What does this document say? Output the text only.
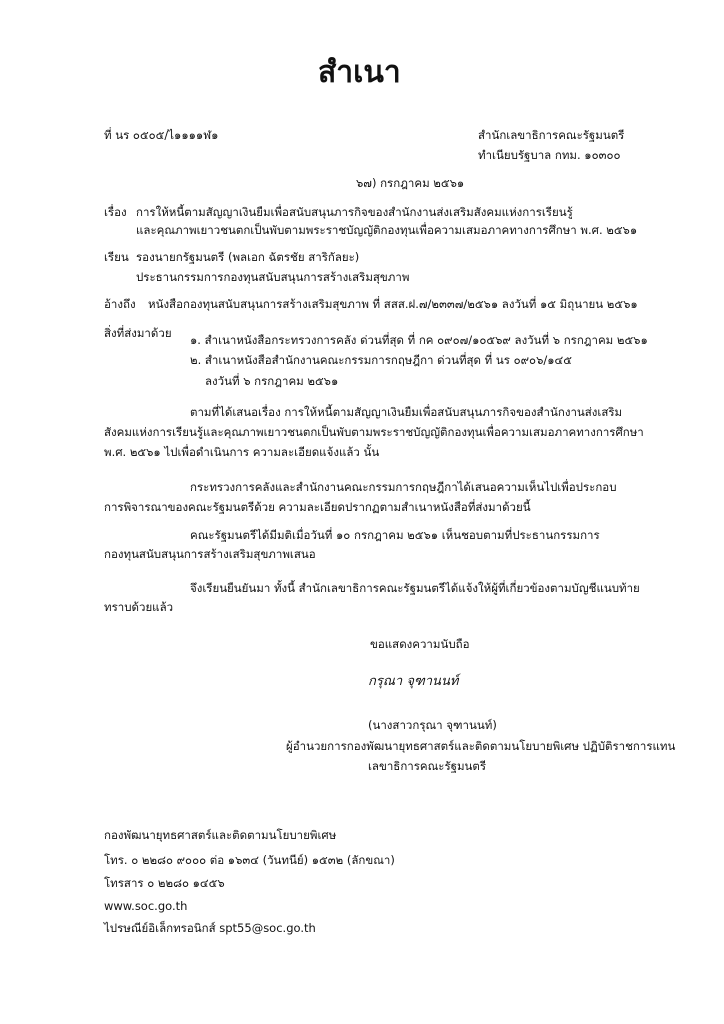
สำเนา
ที่ นร ๐๕๐๕/ไ๑๑๑๑ฬ๑	สำนักเลขาธิการคณะรัฐมนตรี
ทำเนียบรัฐบาล กทม. ๑๐๓๐๐
๖๗) กรกฎาคม ๒๕๖๑
เรื่อง การให้หนี้ตามสัญญาเงินยืมเพื่อสนับสนุนภารกิจของสำนักงานส่งเสริมสังคมแห่งการเรียนรู้
และคุณภาพเยาวชนตกเป็นพับตามพระราชบัญญัติกองทุนเพื่อความเสมอภาคทางการศึกษา พ.ศ. ๒๕๖๑
เรียน รองนายกรัฐมนตรี (พลเอก ฉัตรชัย สาริกัลยะ)
ประธานกรรมการกองทุนสนับสนุนการสร้างเสริมสุขภาพ
อ้างถึง หนังสือกองทุนสนับสนุนการสร้างเสริมสุขภาพ ที่ สสส.ฝ.๗/๒๓๓๗/๒๕๖๑ ลงวันที่ ๑๕ มิถุนายน ๒๕๖๑
สิ่งที่ส่งมาด้วย ๑. สำเนาหนังสือกระทรวงการคลัง ด่วนที่สุด ที่ กค ๐๙๐๗/๑๐๕๖๙ ลงวันที่ ๖ กรกฎาคม ๒๕๖๑
๒. สำเนาหนังสือสำนักงานคณะกรรมการกฤษฎีกา ด่วนที่สุด ที่ นร ๐๙๐๖/๑๔๕
ลงวันที่ ๖ กรกฎาคม ๒๕๖๑
ตามที่ได้เสนอเรื่อง การให้หนี้ตามสัญญาเงินยืมเพื่อสนับสนุนภารกิจของสำนักงานส่งเสริม
สังคมแห่งการเรียนรู้และคุณภาพเยาวชนตกเป็นพับตามพระราชบัญญัติกองทุนเพื่อความเสมอภาคทางการศึกษา
พ.ศ. ๒๕๖๑ ไปเพื่อดำเนินการ ความละเอียดแจ้งแล้ว นั้น
กระทรวงการคลังและสำนักงานคณะกรรมการกฤษฎีกาได้เสนอความเห็นไปเพื่อประกอบ
การพิจารณาของคณะรัฐมนตรีด้วย ความละเอียดปรากฏตามสำเนาหนังสือที่ส่งมาด้วยนี้
คณะรัฐมนตรีได้มีมติเมื่อวันที่ ๑๐ กรกฎาคม ๒๕๖๑ เห็นชอบตามที่ประธานกรรมการ
กองทุนสนับสนุนการสร้างเสริมสุขภาพเสนอ
จึงเรียนยืนยันมา ทั้งนี้ สำนักเลขาธิการคณะรัฐมนตรีได้แจ้งให้ผู้ที่เกี่ยวข้องตามบัญชีแนบท้าย
ทราบด้วยแล้ว
ขอแสดงความนับถือ
กรุณา จุฑานนท์
(นางสาวกรุณา จุฑานนท์)
ผู้อำนวยการกองพัฒนายุทธศาสตร์และติดตามนโยบายพิเศษ ปฏิบัติราชการแทน
เลขาธิการคณะรัฐมนตรี
กองพัฒนายุทธศาสตร์และติดตามนโยบายพิเศษ
โทร. ๐ ๒๒๘๐ ๙๐๐๐ ต่อ ๑๖๓๔ (วันทนีย์) ๑๕๓๒ (ลักขณา)
โทรสาร ๐ ๒๒๘๐ ๑๔๕๖
www.soc.go.th
ไปรษณีย์อิเล็กทรอนิกส์ spt55@soc.go.th
